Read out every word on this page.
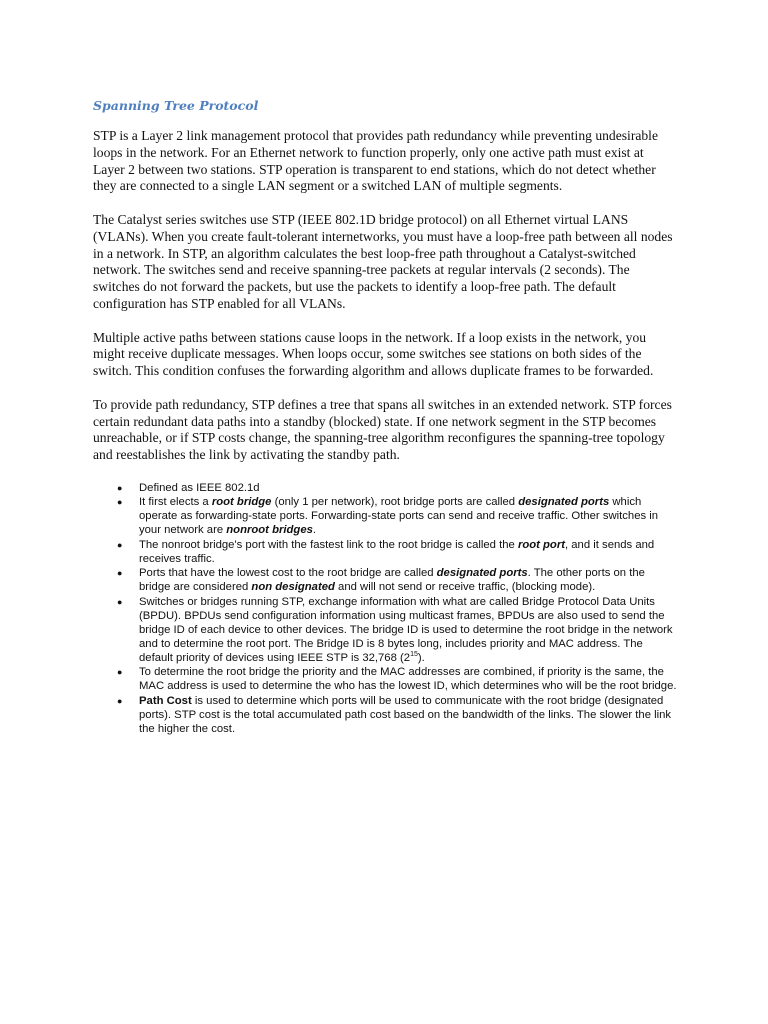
Spanning Tree Protocol

STP is a Layer 2 link management protocol that provides path redundancy while preventing undesirable loops in the network. For an Ethernet network to function properly, only one active path must exist at Layer 2 between two stations. STP operation is transparent to end stations, which do not detect whether they are connected to a single LAN segment or a switched LAN of multiple segments.

The Catalyst series switches use STP (IEEE 802.1D bridge protocol) on all Ethernet virtual LANS (VLANs). When you create fault-tolerant internetworks, you must have a loop-free path between all nodes in a network. In STP, an algorithm calculates the best loop-free path throughout a Catalyst-switched network. The switches send and receive spanning-tree packets at regular intervals (2 seconds). The switches do not forward the packets, but use the packets to identify a loop-free path. The default configuration has STP enabled for all VLANs.

Multiple active paths between stations cause loops in the network. If a loop exists in the network, you might receive duplicate messages. When loops occur, some switches see stations on both sides of the switch. This condition confuses the forwarding algorithm and allows duplicate frames to be forwarded.

To provide path redundancy, STP defines a tree that spans all switches in an extended network. STP forces certain redundant data paths into a standby (blocked) state. If one network segment in the STP becomes unreachable, or if STP costs change, the spanning-tree algorithm reconfigures the spanning-tree topology and reestablishes the link by activating the standby path.

● Defined as IEEE 802.1d
● It first elects a root bridge (only 1 per network), root bridge ports are called designated ports which operate as forwarding-state ports. Forwarding-state ports can send and receive traffic. Other switches in your network are nonroot bridges.
● The nonroot bridge's port with the fastest link to the root bridge is called the root port, and it sends and receives traffic.
● Ports that have the lowest cost to the root bridge are called designated ports. The other ports on the bridge are considered non designated and will not send or receive traffic, (blocking mode).
● Switches or bridges running STP, exchange information with what are called Bridge Protocol Data Units (BPDU). BPDUs send configuration information using multicast frames, BPDUs are also used to send the bridge ID of each device to other devices. The bridge ID is used to determine the root bridge in the network and to determine the root port. The Bridge ID is 8 bytes long, includes priority and MAC address. The default priority of devices using IEEE STP is 32,768 $(2^{15})$.
● To determine the root bridge the priority and the MAC addresses are combined, if priority is the same, the MAC address is used to determine the who has the lowest ID, which determines who will be the root bridge.
● Path Cost is used to determine which ports will be used to communicate with the root bridge (designated ports). STP cost is the total accumulated path cost based on the bandwidth of the links. The slower the link the higher the cost.
